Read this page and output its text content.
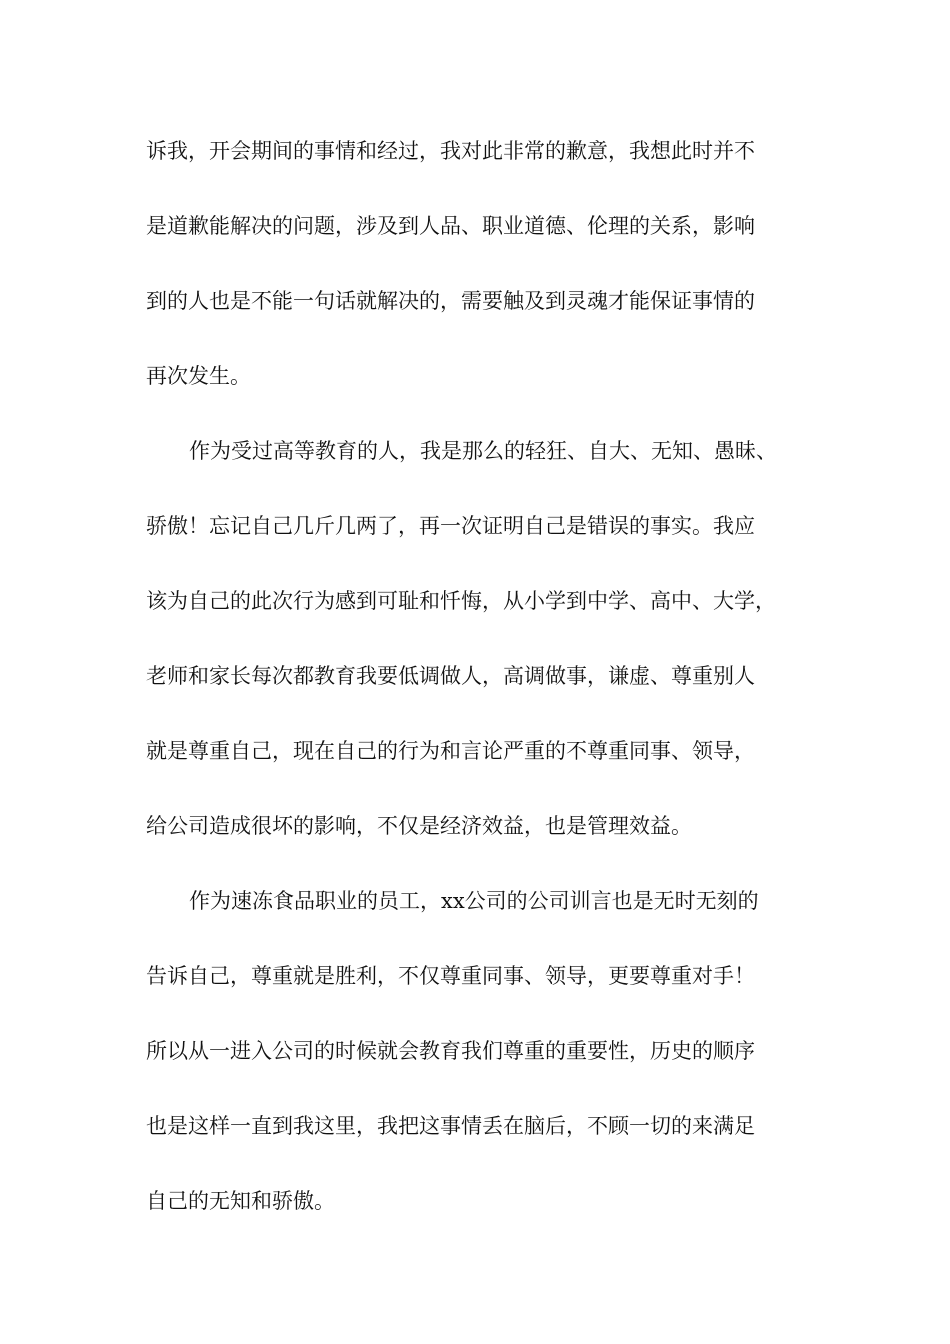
诉我，开会期间的事情和经过，我对此非常的歉意，我想此时并不

是道歉能解决的问题，涉及到人品、职业道德、伦理的关系，影响

到的人也是不能一句话就解决的，需要触及到灵魂才能保证事情的

再次发生。

作为受过高等教育的人，我是那么的轻狂、自大、无知、愚昧、

骄傲！忘记自己几斤几两了，再一次证明自己是错误的事实。我应

该为自己的此次行为感到可耻和忏悔，从小学到中学、高中、大学，

老师和家长每次都教育我要低调做人，高调做事，谦虚、尊重别人

就是尊重自己，现在自己的行为和言论严重的不尊重同事、领导，

给公司造成很坏的影响，不仅是经济效益，也是管理效益。

作为速冻食品职业的员工，xx公司的公司训言也是无时无刻的

告诉自己，尊重就是胜利，不仅尊重同事、领导，更要尊重对手！

所以从一进入公司的时候就会教育我们尊重的重要性，历史的顺序

也是这样一直到我这里，我把这事情丢在脑后，不顾一切的来满足

自己的无知和骄傲。
